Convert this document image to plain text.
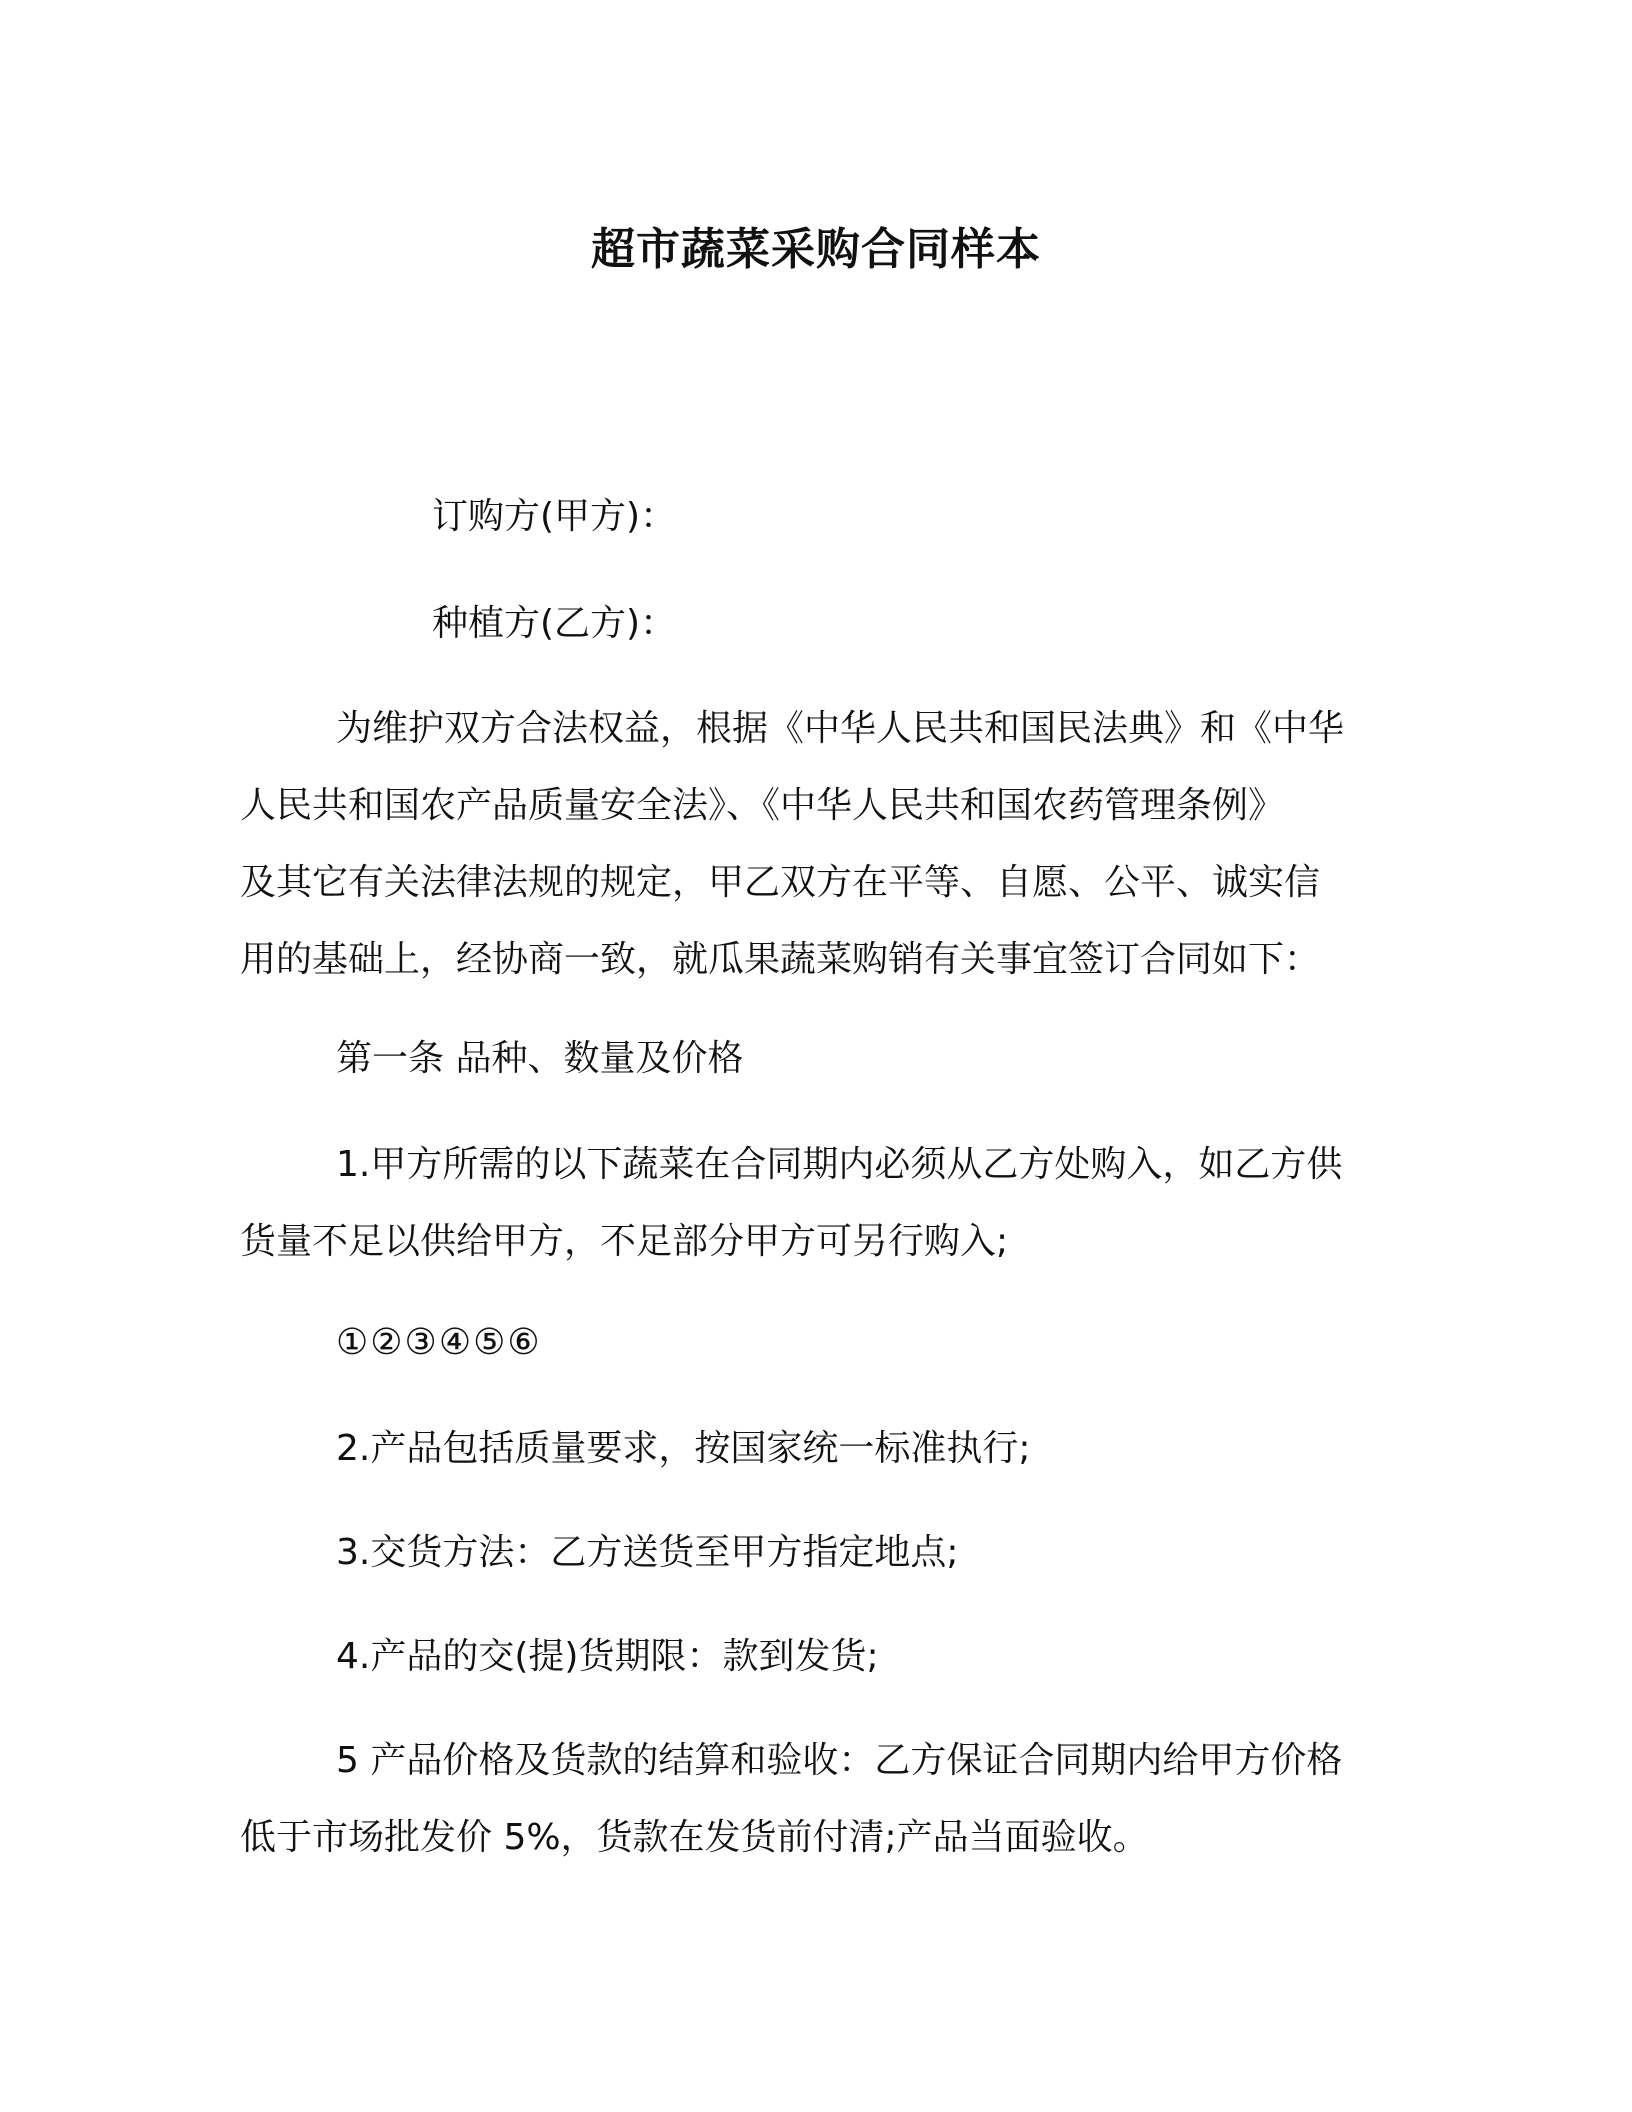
超市蔬菜采购合同样本
订购方(甲方)：
种植方(乙方)：
为维护双方合法权益，根据《中华人民共和国民法典》和《中华
人民共和国农产品质量安全法》、《中华人民共和国农药管理条例》
及其它有关法律法规的规定，甲乙双方在平等、自愿、公平、诚实信
用的基础上，经协商一致，就瓜果蔬菜购销有关事宜签订合同如下：
第一条 品种、数量及价格
1.甲方所需的以下蔬菜在合同期内必须从乙方处购入，如乙方供
货量不足以供给甲方，不足部分甲方可另行购入;
①②③④⑤⑥
2.产品包括质量要求，按国家统一标准执行;
3.交货方法：乙方送货至甲方指定地点;
4.产品的交(提)货期限：款到发货;
5 产品价格及货款的结算和验收：乙方保证合同期内给甲方价格
低于市场批发价 5%，货款在发货前付清;产品当面验收。
